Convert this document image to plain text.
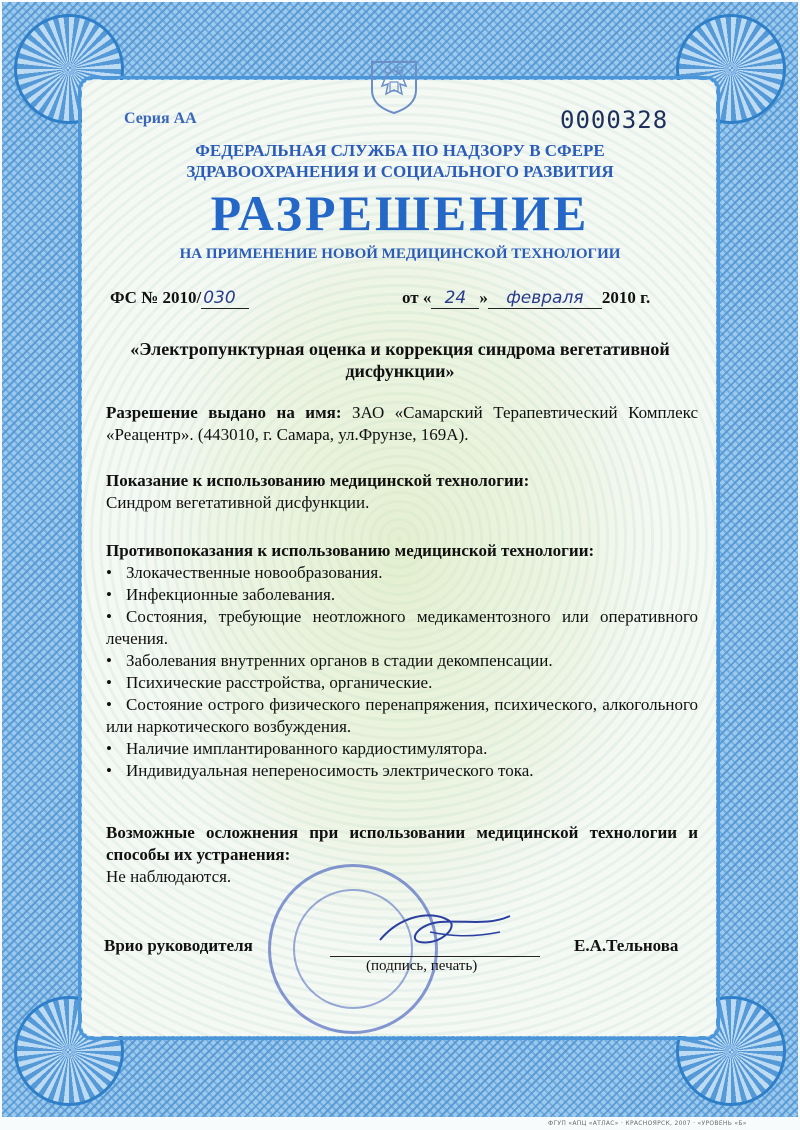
Серия АА	0000328
ФЕДЕРАЛЬНАЯ СЛУЖБА ПО НАДЗОРУ В СФЕРЕ
ЗДРАВООХРАНЕНИЯ И СОЦИАЛЬНОГО РАЗВИТИЯ
РАЗРЕШЕНИЕ
НА ПРИМЕНЕНИЕ НОВОЙ МЕДИЦИНСКОЙ ТЕХНОЛОГИИ
ФС № 2010/ 030	от « 24 » февраля 2010 г.
«Электропунктурная оценка и коррекция синдрома вегетативной дисфункции»
Разрешение выдано на имя: ЗАО «Самарский Терапевтический Комплекс «Реацентр». (443010, г. Самара, ул.Фрунзе, 169А).
Показание к использованию медицинской технологии:
Синдром вегетативной дисфункции.
Противопоказания к использованию медицинской технологии:
• Злокачественные новообразования.
• Инфекционные заболевания.
• Состояния, требующие неотложного медикаментозного или оперативного лечения.
• Заболевания внутренних органов в стадии декомпенсации.
• Психические расстройства, органические.
• Состояние острого физического перенапряжения, психического, алкогольного или наркотического возбуждения.
• Наличие имплантированного кардиостимулятора.
• Индивидуальная непереносимость электрического тока.
Возможные осложнения при использовании медицинской технологии и способы их устранения:
Не наблюдаются.
Врио руководителя
(подпись, печать)
Е.А.Тельнова
ФГУП «АПЦ «АТЛАС» · КРАСНОЯРСК, 2007 · «УРОВЕНЬ «Б»
